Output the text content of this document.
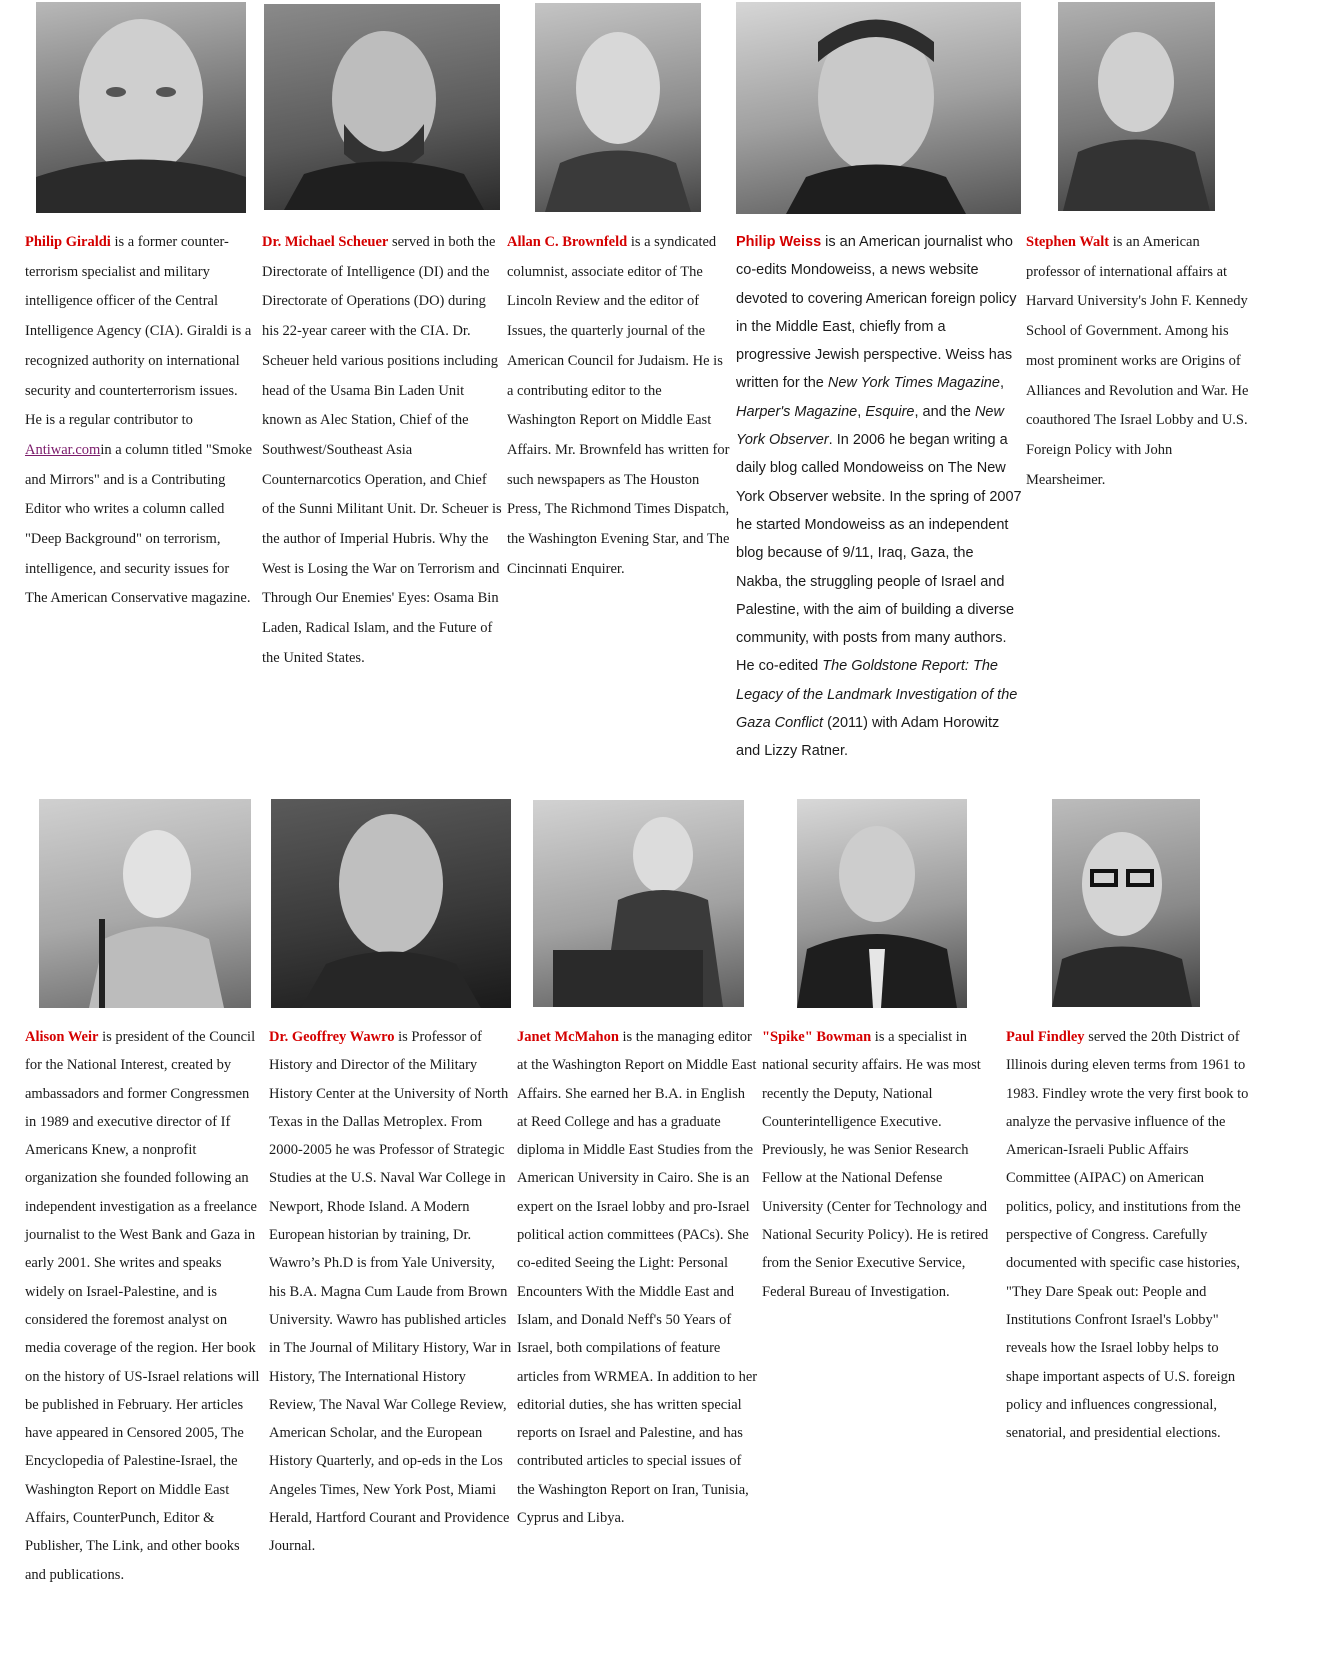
Philip Giraldi is a former counter-terrorism specialist and military intelligence officer of the Central Intelligence Agency (CIA). Giraldi is a recognized authority on international security and counterterrorism issues. He is a regular contributor to Antiwar.comin a column titled "Smoke and Mirrors" and is a Contributing Editor who writes a column called "Deep Background" on terrorism, intelligence, and security issues for The American Conservative magazine.

Dr. Michael Scheuer served in both the Directorate of Intelligence (DI) and the Directorate of Operations (DO) during his 22-year career with the CIA. Dr. Scheuer held various positions including head of the Usama Bin Laden Unit known as Alec Station, Chief of the Southwest/Southeast Asia Counternarcotics Operation, and Chief of the Sunni Militant Unit. Dr. Scheuer is the author of Imperial Hubris. Why the West is Losing the War on Terrorism and Through Our Enemies' Eyes: Osama Bin Laden, Radical Islam, and the Future of the United States.

Allan C. Brownfeld is a syndicated columnist, associate editor of The Lincoln Review and the editor of Issues, the quarterly journal of the American Council for Judaism. He is a contributing editor to the Washington Report on Middle East Affairs. Mr. Brownfeld has written for such newspapers as The Houston Press, The Richmond Times Dispatch, the Washington Evening Star, and The Cincinnati Enquirer.

Philip Weiss is an American journalist who co-edits Mondoweiss, a news website devoted to covering American foreign policy in the Middle East, chiefly from a progressive Jewish perspective. Weiss has written for the New York Times Magazine, Harper's Magazine, Esquire, and the New York Observer. In 2006 he began writing a daily blog called Mondoweiss on The New York Observer website. In the spring of 2007 he started Mondoweiss as an independent blog because of 9/11, Iraq, Gaza, the Nakba, the struggling people of Israel and Palestine, with the aim of building a diverse community, with posts from many authors. He co-edited The Goldstone Report: The Legacy of the Landmark Investigation of the Gaza Conflict (2011) with Adam Horowitz and Lizzy Ratner.

Stephen Walt is an American professor of international affairs at Harvard University's John F. Kennedy School of Government. Among his most prominent works are Origins of Alliances and Revolution and War. He coauthored The Israel Lobby and U.S. Foreign Policy with John Mearsheimer.

Alison Weir is president of the Council for the National Interest, created by ambassadors and former Congressmen in 1989 and executive director of If Americans Knew, a nonprofit organization she founded following an independent investigation as a freelance journalist to the West Bank and Gaza in early 2001. She writes and speaks widely on Israel-Palestine, and is considered the foremost analyst on media coverage of the region. Her book on the history of US-Israel relations will be published in February. Her articles have appeared in Censored 2005, The Encyclopedia of Palestine-Israel, the Washington Report on Middle East Affairs, CounterPunch, Editor & Publisher, The Link, and other books and publications.

Dr. Geoffrey Wawro is Professor of History and Director of the Military History Center at the University of North Texas in the Dallas Metroplex. From 2000-2005 he was Professor of Strategic Studies at the U.S. Naval War College in Newport, Rhode Island. A Modern European historian by training, Dr. Wawro’s Ph.D is from Yale University, his B.A. Magna Cum Laude from Brown University. Wawro has published articles in The Journal of Military History, War in History, The International History Review, The Naval War College Review, American Scholar, and the European History Quarterly, and op-eds in the Los Angeles Times, New York Post, Miami Herald, Hartford Courant and Providence Journal.

Janet McMahon is the managing editor at the Washington Report on Middle East Affairs. She earned her B.A. in English at Reed College and has a graduate diploma in Middle East Studies from the American University in Cairo. She is an expert on the Israel lobby and pro-Israel political action committees (PACs). She co-edited Seeing the Light: Personal Encounters With the Middle East and Islam, and Donald Neff's 50 Years of Israel, both compilations of feature articles from WRMEA. In addition to her editorial duties, she has written special reports on Israel and Palestine, and has contributed articles to special issues of the Washington Report on Iran, Tunisia, Cyprus and Libya.

"Spike" Bowman is a specialist in national security affairs. He was most recently the Deputy, National Counterintelligence Executive. Previously, he was Senior Research Fellow at the National Defense University (Center for Technology and National Security Policy). He is retired from the Senior Executive Service, Federal Bureau of Investigation.

Paul Findley served the 20th District of Illinois during eleven terms from 1961 to 1983. Findley wrote the very first book to analyze the pervasive influence of the American-Israeli Public Affairs Committee (AIPAC) on American politics, policy, and institutions from the perspective of Congress. Carefully documented with specific case histories, "They Dare Speak out: People and Institutions Confront Israel's Lobby" reveals how the Israel lobby helps to shape important aspects of U.S. foreign policy and influences congressional, senatorial, and presidential elections.
